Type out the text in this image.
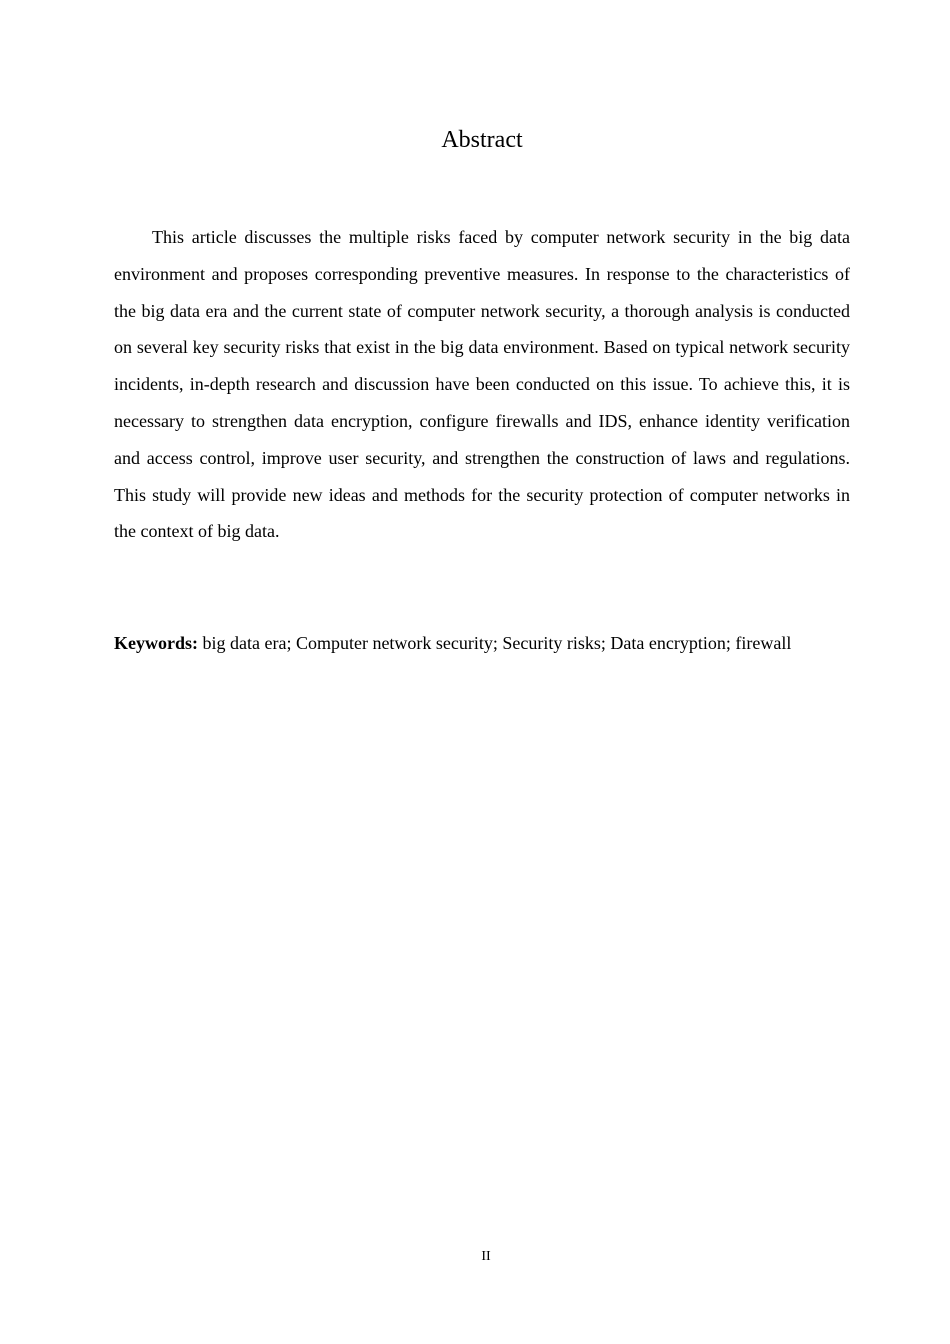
Abstract

This article discusses the multiple risks faced by computer network security in the big data environment and proposes corresponding preventive measures. In response to the characteristics of the big data era and the current state of computer network security, a thorough analysis is conducted on several key security risks that exist in the big data environment. Based on typical network security incidents, in-depth research and discussion have been conducted on this issue. To achieve this, it is necessary to strengthen data encryption, configure firewalls and IDS, enhance identity verification and access control, improve user security, and strengthen the construction of laws and regulations. This study will provide new ideas and methods for the security protection of computer networks in the context of big data.

Keywords: big data era; Computer network security; Security risks; Data encryption; firewall

II
